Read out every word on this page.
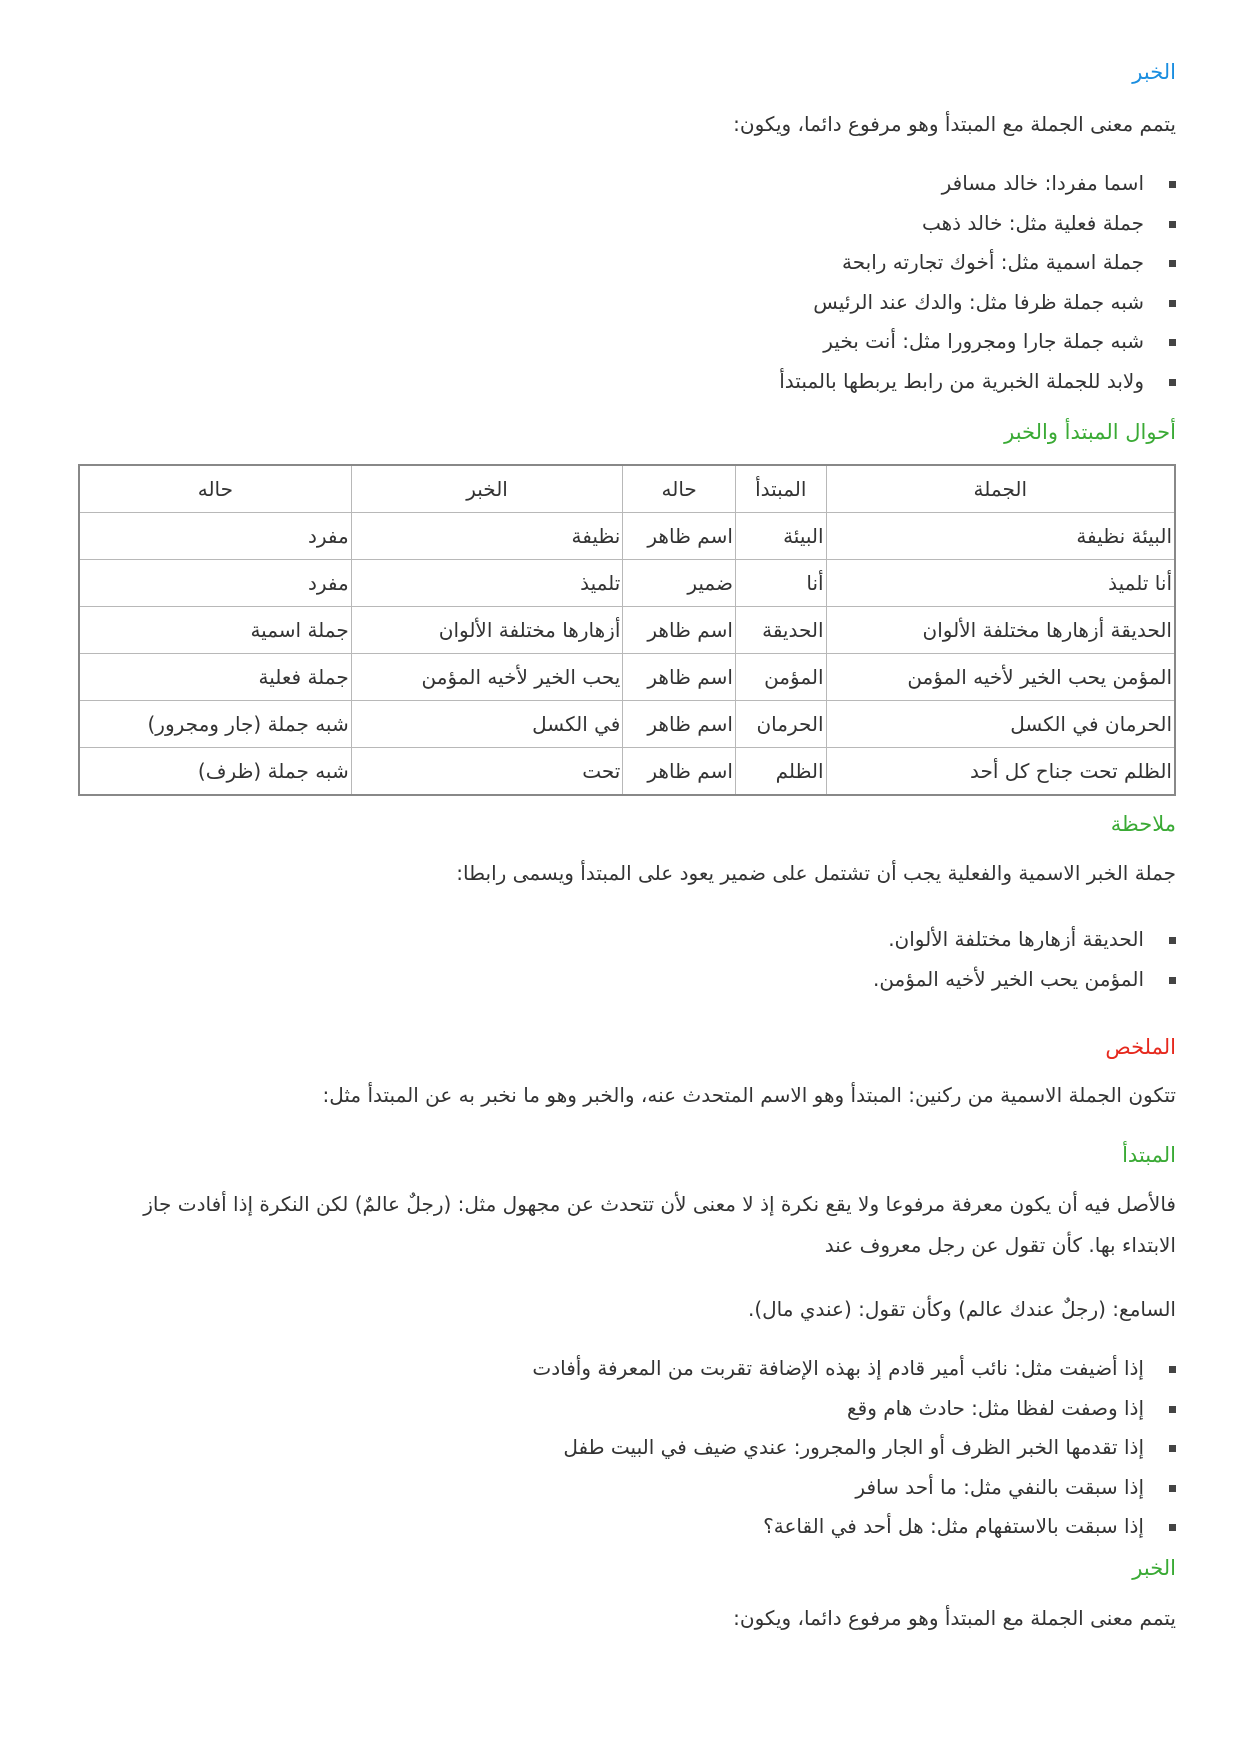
الخبر

يتمم معنى الجملة مع المبتدأ وهو مرفوع دائما، ويكون:

اسما مفردا: خالد مسافر
جملة فعلية مثل: خالد ذهب
جملة اسمية مثل: أخوك تجارته رابحة
شبه جملة ظرفا مثل: والدك عند الرئيس
شبه جملة جارا ومجرورا مثل: أنت بخير
ولابد للجملة الخبرية من رابط يربطها بالمبتدأ
أحوال المبتدأ والخبر
الجملة	المبتدأ	حاله	الخبر	حاله
البيئة نظيفة	البيئة	اسم ظاهر	نظيفة	مفرد
أنا تلميذ	أنا	ضمير	تلميذ	مفرد
الحديقة أزهارها مختلفة الألوان	الحديقة	اسم ظاهر	أزهارها مختلفة الألوان	جملة اسمية
المؤمن يحب الخير لأخيه المؤمن	المؤمن	اسم ظاهر	يحب الخير لأخيه المؤمن	جملة فعلية
الحرمان في الكسل	الحرمان	اسم ظاهر	في الكسل	شبه جملة (جار ومجرور)
الظلم تحت جناح كل أحد	الظلم	اسم ظاهر	تحت	شبه جملة (ظرف)
ملاحظة

جملة الخبر الاسمية والفعلية يجب أن تشتمل على ضمير يعود على المبتدأ ويسمى رابطا:

الحديقة أزهارها مختلفة الألوان.
المؤمن يحب الخير لأخيه المؤمن.
الملخص

تتكون الجملة الاسمية من ركنين: المبتدأ وهو الاسم المتحدث عنه، والخبر وهو ما نخبر به عن المبتدأ مثل:

المبتدأ

فالأصل فيه أن يكون معرفة مرفوعا ولا يقع نكرة إذ لا معنى لأن تتحدث عن مجهول مثل: (رجلٌ عالمٌ) لكن النكرة إذا أفادت جاز

الابتداء بها. كأن تقول عن رجل معروف عند

السامع: (رجلٌ عندك عالم) وكأن تقول: (عندي مال).

إذا أضيفت مثل: نائب أمير قادم إذ بهذه الإضافة تقربت من المعرفة وأفادت
إذا وصفت لفظا مثل: حادث هام وقع
إذا تقدمها الخبر الظرف أو الجار والمجرور: عندي ضيف في البيت طفل
إذا سبقت بالنفي مثل: ما أحد سافر
إذا سبقت بالاستفهام مثل: هل أحد في القاعة؟
الخبر

يتمم معنى الجملة مع المبتدأ وهو مرفوع دائما، ويكون:
